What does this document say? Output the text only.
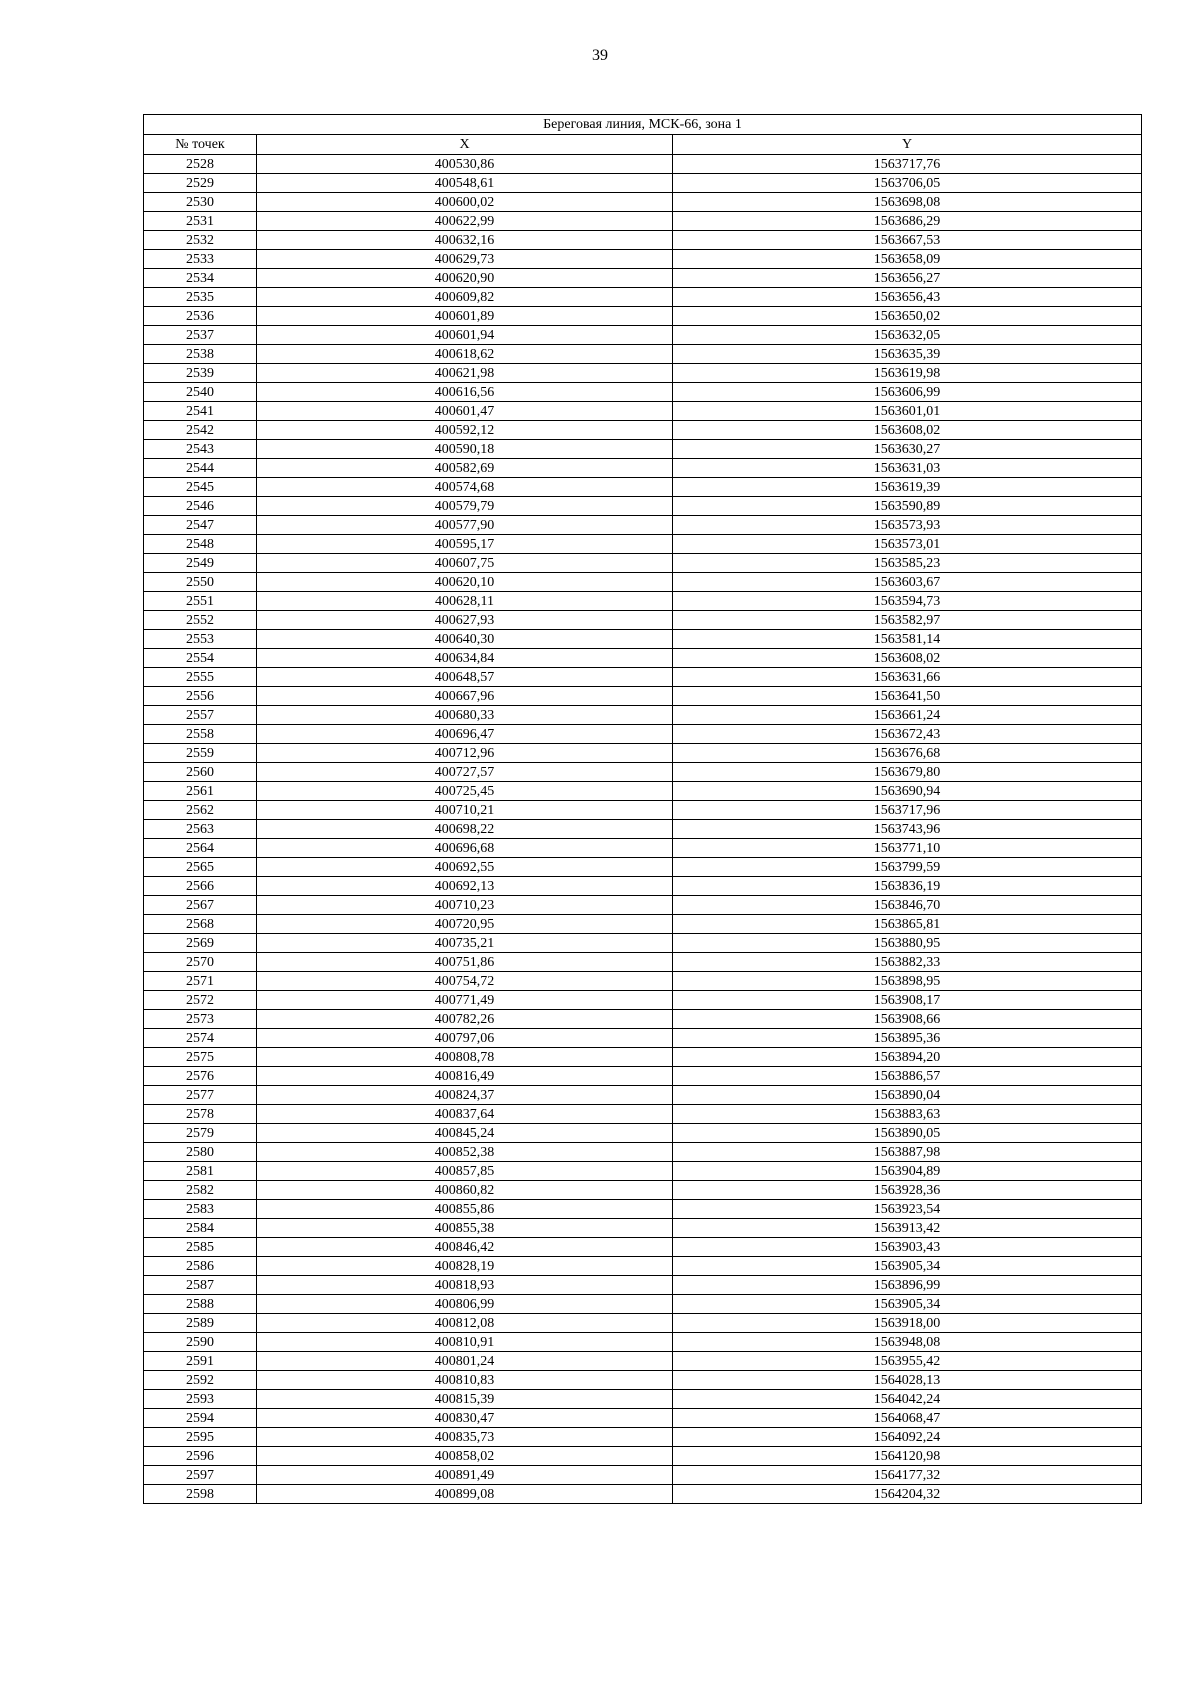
39
Береговая линия, МСК-66, зона 1		
№ точек	X	Y
2528	400530,86	1563717,76
2529	400548,61	1563706,05
2530	400600,02	1563698,08
2531	400622,99	1563686,29
2532	400632,16	1563667,53
2533	400629,73	1563658,09
2534	400620,90	1563656,27
2535	400609,82	1563656,43
2536	400601,89	1563650,02
2537	400601,94	1563632,05
2538	400618,62	1563635,39
2539	400621,98	1563619,98
2540	400616,56	1563606,99
2541	400601,47	1563601,01
2542	400592,12	1563608,02
2543	400590,18	1563630,27
2544	400582,69	1563631,03
2545	400574,68	1563619,39
2546	400579,79	1563590,89
2547	400577,90	1563573,93
2548	400595,17	1563573,01
2549	400607,75	1563585,23
2550	400620,10	1563603,67
2551	400628,11	1563594,73
2552	400627,93	1563582,97
2553	400640,30	1563581,14
2554	400634,84	1563608,02
2555	400648,57	1563631,66
2556	400667,96	1563641,50
2557	400680,33	1563661,24
2558	400696,47	1563672,43
2559	400712,96	1563676,68
2560	400727,57	1563679,80
2561	400725,45	1563690,94
2562	400710,21	1563717,96
2563	400698,22	1563743,96
2564	400696,68	1563771,10
2565	400692,55	1563799,59
2566	400692,13	1563836,19
2567	400710,23	1563846,70
2568	400720,95	1563865,81
2569	400735,21	1563880,95
2570	400751,86	1563882,33
2571	400754,72	1563898,95
2572	400771,49	1563908,17
2573	400782,26	1563908,66
2574	400797,06	1563895,36
2575	400808,78	1563894,20
2576	400816,49	1563886,57
2577	400824,37	1563890,04
2578	400837,64	1563883,63
2579	400845,24	1563890,05
2580	400852,38	1563887,98
2581	400857,85	1563904,89
2582	400860,82	1563928,36
2583	400855,86	1563923,54
2584	400855,38	1563913,42
2585	400846,42	1563903,43
2586	400828,19	1563905,34
2587	400818,93	1563896,99
2588	400806,99	1563905,34
2589	400812,08	1563918,00
2590	400810,91	1563948,08
2591	400801,24	1563955,42
2592	400810,83	1564028,13
2593	400815,39	1564042,24
2594	400830,47	1564068,47
2595	400835,73	1564092,24
2596	400858,02	1564120,98
2597	400891,49	1564177,32
2598	400899,08	1564204,32
